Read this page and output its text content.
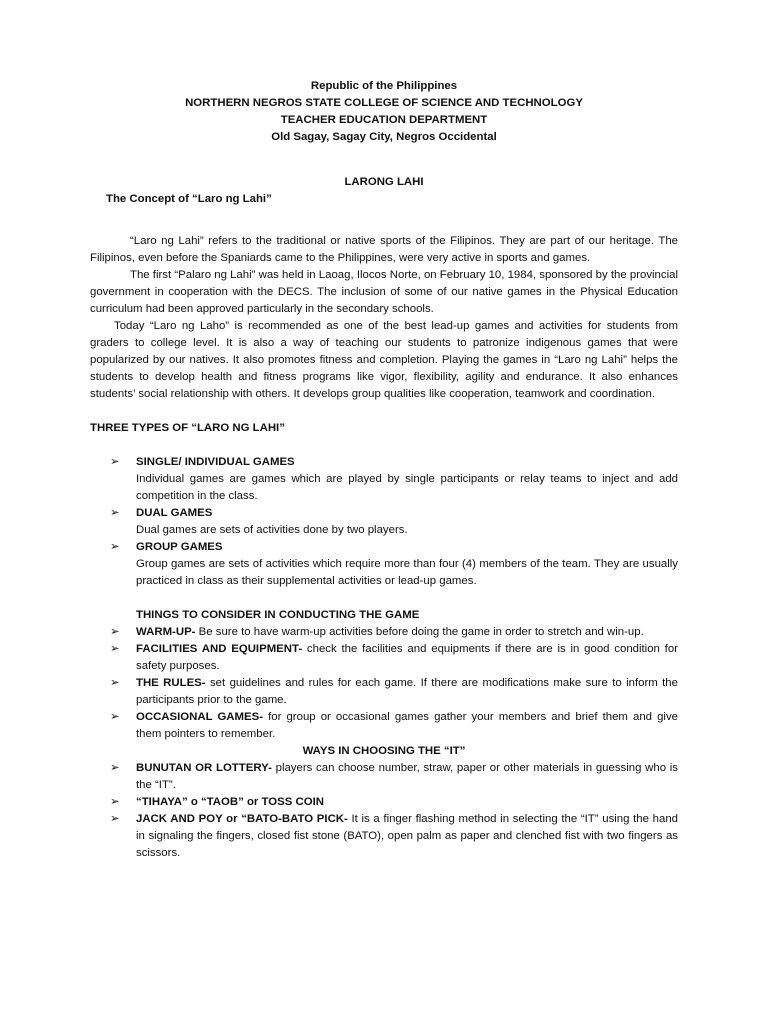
Republic of the Philippines
NORTHERN NEGROS STATE COLLEGE OF SCIENCE AND TECHNOLOGY
TEACHER EDUCATION DEPARTMENT
Old Sagay, Sagay City, Negros Occidental
LARONG LAHI
The Concept of “Laro ng Lahi”

“Laro ng Lahi” refers to the traditional or native sports of the Filipinos. They are part of our heritage. The Filipinos, even before the Spaniards came to the Philippines, were very active in sports and games.

The first “Palaro ng Lahi” was held in Laoag, Ilocos Norte, on February 10, 1984, sponsored by the provincial government in cooperation with the DECS. The inclusion of some of our native games in the Physical Education curriculum had been approved particularly in the secondary schools.

Today “Laro ng Laho” is recommended as one of the best lead-up games and activities for students from graders to college level. It is also a way of teaching our students to patronize indigenous games that were popularized by our natives. It also promotes fitness and completion. Playing the games in “Laro ng Lahi” helps the students to develop health and fitness programs like vigor, flexibility, agility and endurance. It also enhances students’ social relationship with others. It develops group qualities like cooperation, teamwork and coordination.

THREE TYPES OF “LARO NG LAHI”
➢ SINGLE/ INDIVIDUAL GAMES
Individual games are games which are played by single participants or relay teams to inject and add competition in the class.
➢ DUAL GAMES
Dual games are sets of activities done by two players.
➢ GROUP GAMES
Group games are sets of activities which require more than four (4) members of the team. They are usually practiced in class as their supplemental activities or lead-up games.
THINGS TO CONSIDER IN CONDUCTING THE GAME
➢ WARM-UP- Be sure to have warm-up activities before doing the game in order to stretch and win-up.
➢ FACILITIES AND EQUIPMENT- check the facilities and equipments if there are is in good condition for safety purposes.
➢ THE RULES- set guidelines and rules for each game. If there are modifications make sure to inform the participants prior to the game.
➢ OCCASIONAL GAMES- for group or occasional games gather your members and brief them and give them pointers to remember.
WAYS IN CHOOSING THE “IT”
➢ BUNUTAN OR LOTTERY- players can choose number, straw, paper or other materials in guessing who is the “IT”.
➢ “TIHAYA” o “TAOB” or TOSS COIN
➢ JACK AND POY or “BATO-BATO PICK- It is a finger flashing method in selecting the “IT” using the hand in signaling the fingers, closed fist stone (BATO), open palm as paper and clenched fist with two fingers as scissors.
